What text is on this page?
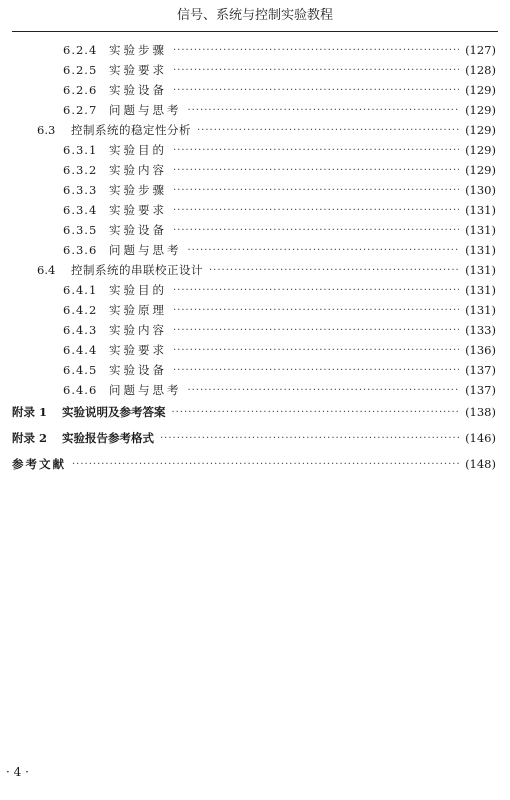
信号、系统与控制实验教程
6.2.4	实验步骤 ·····	(127)
6.2.5	实验要求 ·····	(128)
6.2.6	实验设备 ·····	(129)
6.2.7	问题与思考 ·····	(129)
6.3	控制系统的稳定性分析 ·····	(129)
6.3.1	实验目的 ·····	(129)
6.3.2	实验内容 ·····	(129)
6.3.3	实验步骤 ·····	(130)
6.3.4	实验要求 ·····	(131)
6.3.5	实验设备 ·····	(131)
6.3.6	问题与思考 ·····	(131)
6.4	控制系统的串联校正设计 ·····	(131)
6.4.1	实验目的 ·····	(131)
6.4.2	实验原理 ·····	(131)
6.4.3	实验内容 ·····	(133)
6.4.4	实验要求 ·····	(136)
6.4.5	实验设备 ·····	(137)
6.4.6	问题与思考 ·····	(137)
附录 1	实验说明及参考答案 ·····	(138)
附录 2	实验报告参考格式 ·····	(146)
参考文献 ·····	(148)
· 4 ·
